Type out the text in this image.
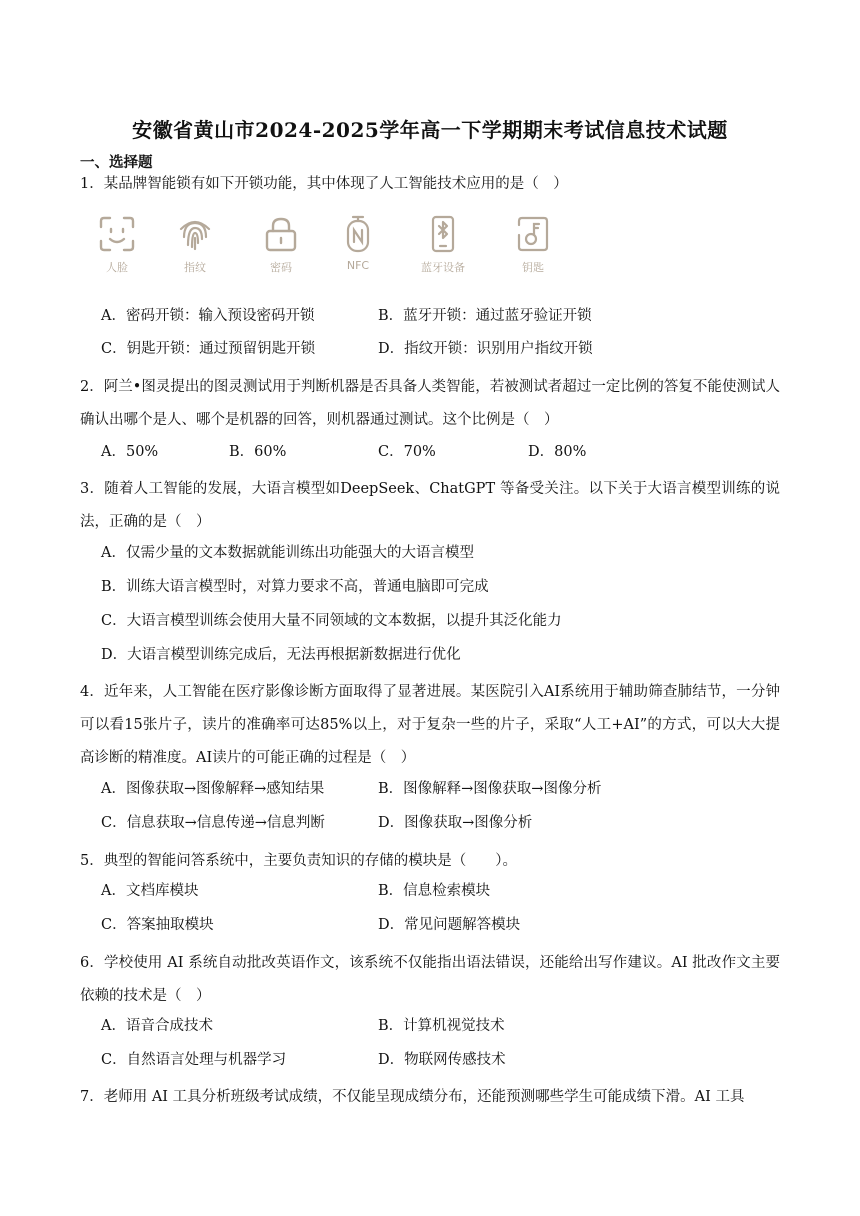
安徽省黄山市2024-2025学年高一下学期期末考试信息技术试题
一、选择题
1．某品牌智能锁有如下开锁功能，其中体现了人工智能技术应用的是（　）
人脸	指纹	密码	NFC	蓝牙设备	钥匙
A．密码开锁：输入预设密码开锁	B．蓝牙开锁：通过蓝牙验证开锁
C．钥匙开锁：通过预留钥匙开锁	D．指纹开锁：识别用户指纹开锁
2．阿兰•图灵提出的图灵测试用于判断机器是否具备人类智能，若被测试者超过一定比例的答复不能使测试人确认出哪个是人、哪个是机器的回答，则机器通过测试。这个比例是（　）
A．50%	B．60%	C．70%	D．80%
3．随着人工智能的发展，大语言模型如DeepSeek、ChatGPT 等备受关注。以下关于大语言模型训练的说法，正确的是（　）
A．仅需少量的文本数据就能训练出功能强大的大语言模型
B．训练大语言模型时，对算力要求不高，普通电脑即可完成
C．大语言模型训练会使用大量不同领域的文本数据，以提升其泛化能力
D．大语言模型训练完成后，无法再根据新数据进行优化
4．近年来，人工智能在医疗影像诊断方面取得了显著进展。某医院引入AI系统用于辅助筛查肺结节，一分钟可以看15张片子，读片的准确率可达85%以上，对于复杂一些的片子，采取“人工+AI”的方式，可以大大提高诊断的精准度。AI读片的可能正确的过程是（　）
A．图像获取→图像解释→感知结果	B．图像解释→图像获取→图像分析
C．信息获取→信息传递→信息判断	D．图像获取→图像分析
5．典型的智能问答系统中，主要负责知识的存储的模块是（　　）。
A．文档库模块	B．信息检索模块
C．答案抽取模块	D．常见问题解答模块
6．学校使用 AI 系统自动批改英语作文，该系统不仅能指出语法错误，还能给出写作建议。AI 批改作文主要依赖的技术是（　）
A．语音合成技术	B．计算机视觉技术
C．自然语言处理与机器学习	D．物联网传感技术
7．老师用 AI 工具分析班级考试成绩，不仅能呈现成绩分布，还能预测哪些学生可能成绩下滑。AI 工具
